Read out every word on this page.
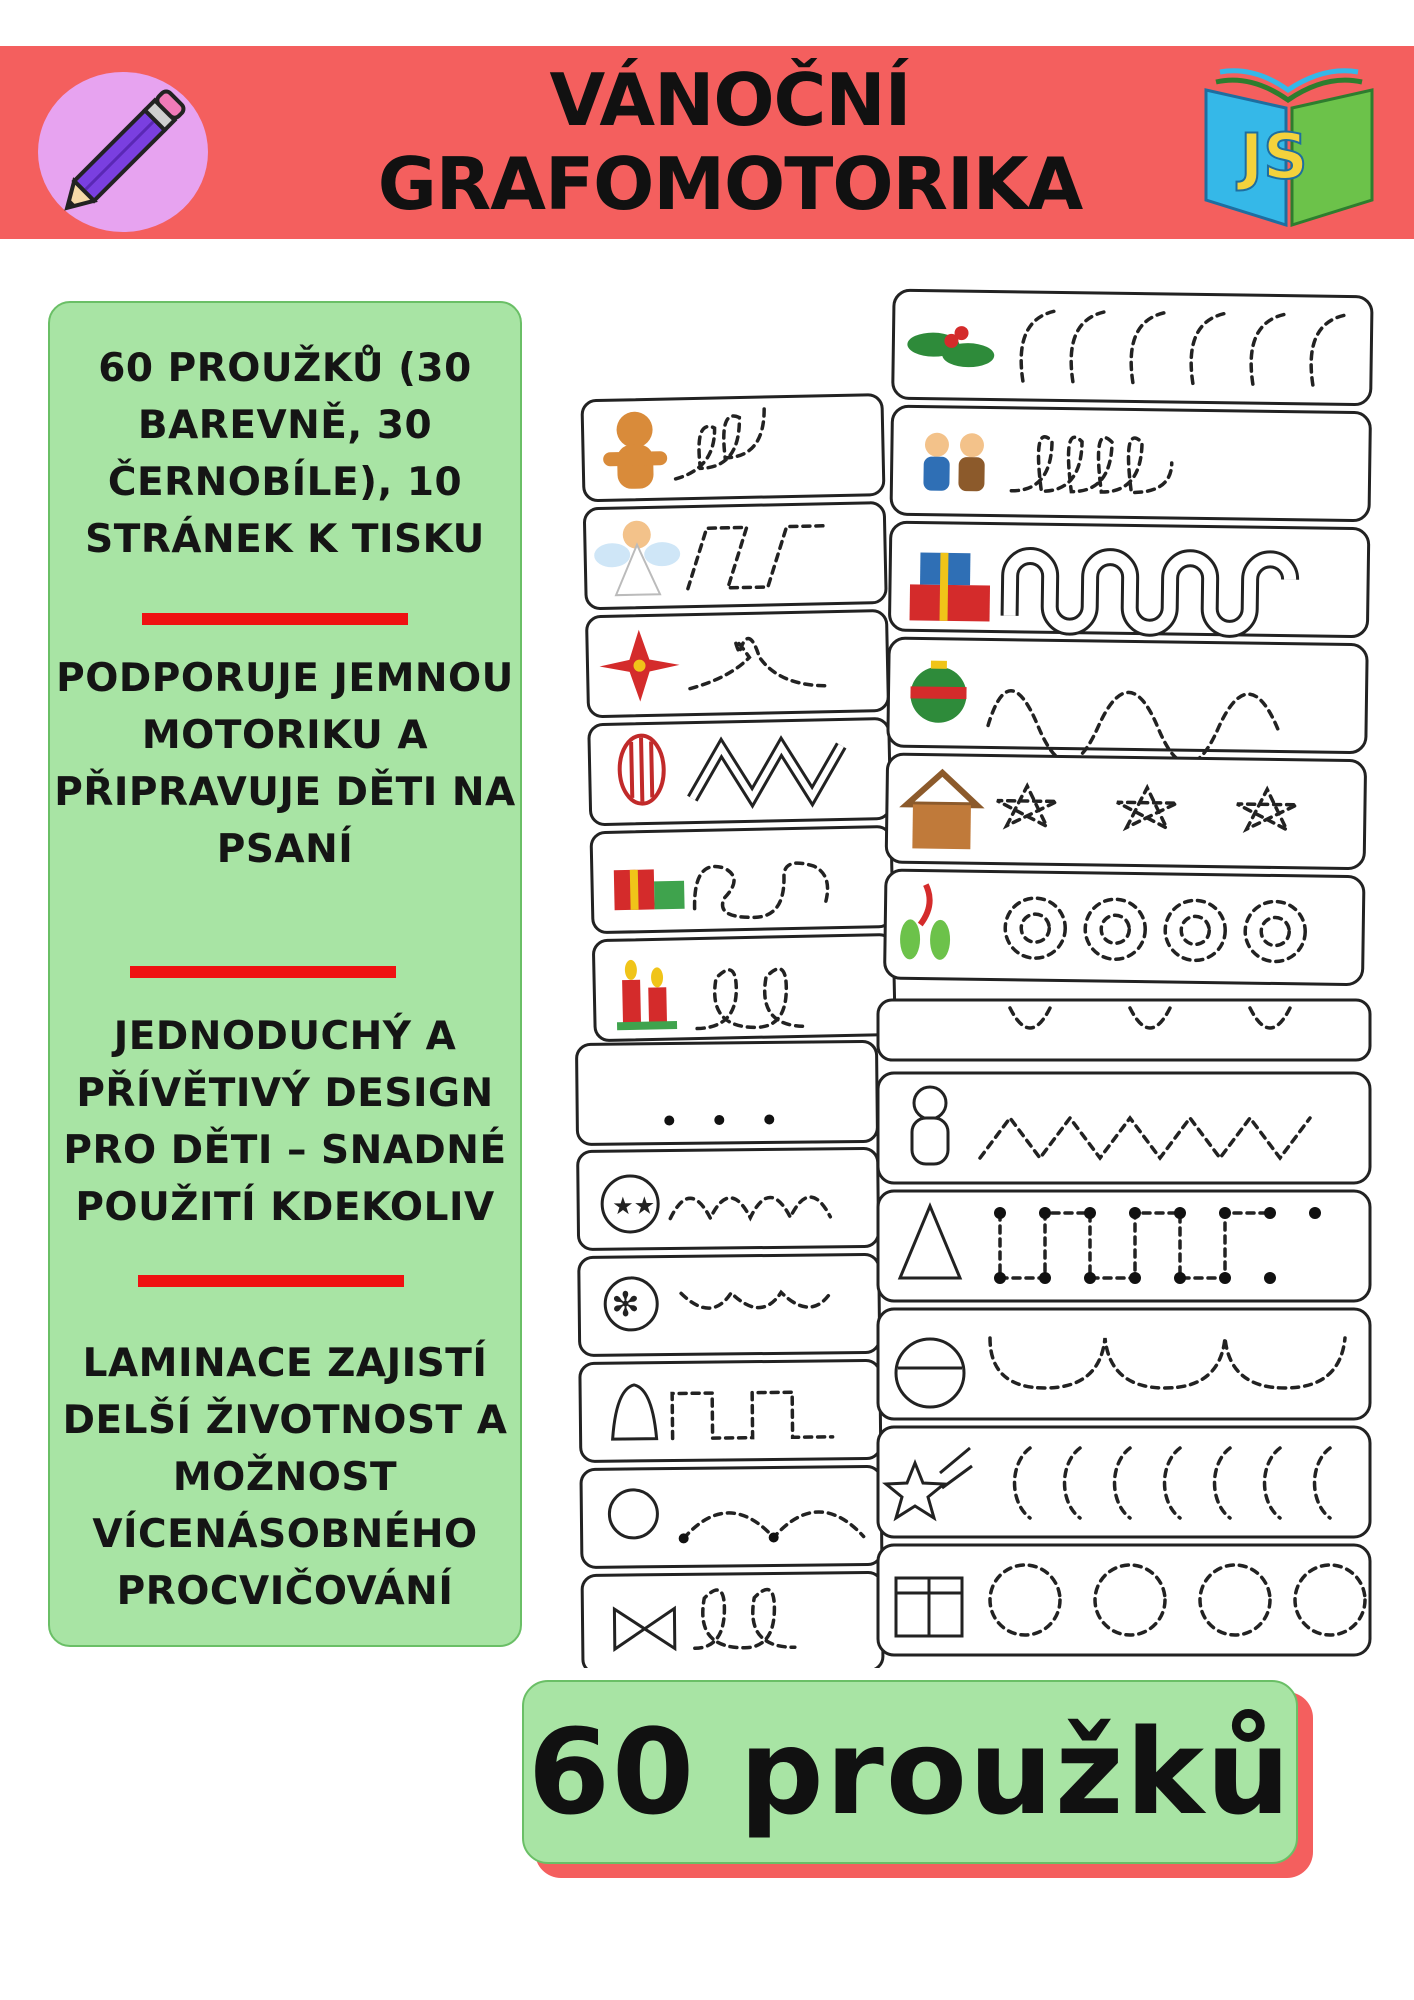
VÁNOČNÍ
GRAFOMOTORIKA	JS
60 PROUŽKŮ (30 BAREVNĚ, 30 ČERNOBÍLE), 10 STRÁNEK K TISKU
PODPORUJE JEMNOU MOTORIKU A PŘIPRAVUJE DĚTI NA PSANÍ
JEDNODUCHÝ A PŘÍVĚTIVÝ DESIGN PRO DĚTI – SNADNÉ POUŽITÍ KDEKOLIV
LAMINACE ZAJISTÍ DELŠÍ ŽIVOTNOST A MOŽNOST VÍCENÁSOBNÉHO PROCVIČOVÁNÍ
★★
✻
60 proužků
